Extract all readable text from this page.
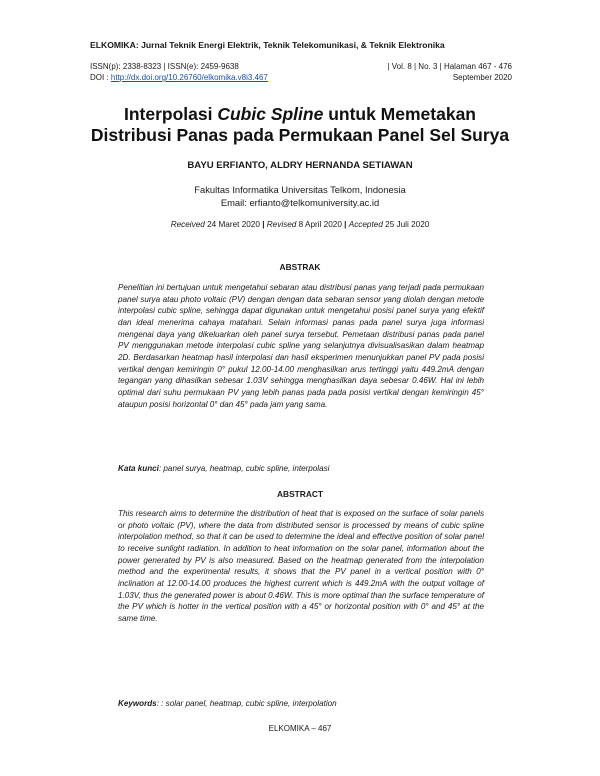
ELKOMIKA: Jurnal Teknik Energi Elektrik, Teknik Telekomunikasi, & Teknik Elektronika
ISSN(p): 2338-8323 | ISSN(e): 2459-9638	| Vol. 8 | No. 3 | Halaman 467 - 476
DOI : http://dx.doi.org/10.26760/elkomika.v8i3.467	September 2020
Interpolasi Cubic Spline untuk Memetakan
Distribusi Panas pada Permukaan Panel Sel Surya
BAYU ERFIANTO, ALDRY HERNANDA SETIAWAN
Fakultas Informatika Universitas Telkom, Indonesia
Email: erfianto@telkomuniversity.ac.id
Received 24 Maret 2020 | Revised 8 April 2020 | Accepted 25 Juli 2020
ABSTRAK
Penelitian ini bertujuan untuk mengetahui sebaran atau distribusi panas yang terjadi pada permukaan panel surya atau photo voltaic (PV) dengan dengan data sebaran sensor yang diolah dengan metode interpolasi cubic spline, sehingga dapat digunakan untuk mengetahui posisi panel surya yang efektif dan ideal menerima cahaya matahari. Selain informasi panas pada panel surya juga informasi mengenai daya yang dikeluarkan oleh panel surya tersebut. Pemetaan distribusi panas pada panel PV menggunakan metode interpolasi cubic spline yang selanjutnya divisualisasikan dalam heatmap 2D. Berdasarkan heatmap hasil interpolasi dan hasil eksperimen menunjukkan panel PV pada posisi vertikal dengan kemiringin 0° pukul 12.00-14.00 menghasilkan arus tertinggi yaitu 449.2mA dengan tegangan yang dihasilkan sebesar 1.03V sehingga menghasilkan daya sebesar 0.46W. Hal ini lebih optimal dari suhu permukaan PV yang lebih panas pada pada posisi vertikal dengan kemiringin 45° ataupun posisi horizontal 0° dan 45° pada jam yang sama.
Kata kunci: panel surya, heatmap, cubic spline, interpolasi
ABSTRACT
This research aims to determine the distribution of heat that is exposed on the surface of solar panels or photo voltaic (PV), where the data from distributed sensor is processed by means of cubic spline interpolation method, so that it can be used to determine the ideal and effective position of solar panel to receive sunlight radiation. In addition to heat information on the solar panel, information about the power generated by PV is also measured. Based on the heatmap generated from the interpolation method and the experimental results, it shows that the PV panel in a vertical position with 0° inclination at 12.00-14.00 produces the highest current which is 449.2mA with the output voltage of 1.03V, thus the generated power is about 0.46W. This is more optimal than the surface temperature of the PV which is hotter in the vertical position with a 45° or horizontal position with 0° and 45° at the same time.
Keywords: : solar panel, heatmap, cubic spline, interpolation
ELKOMIKA – 467
